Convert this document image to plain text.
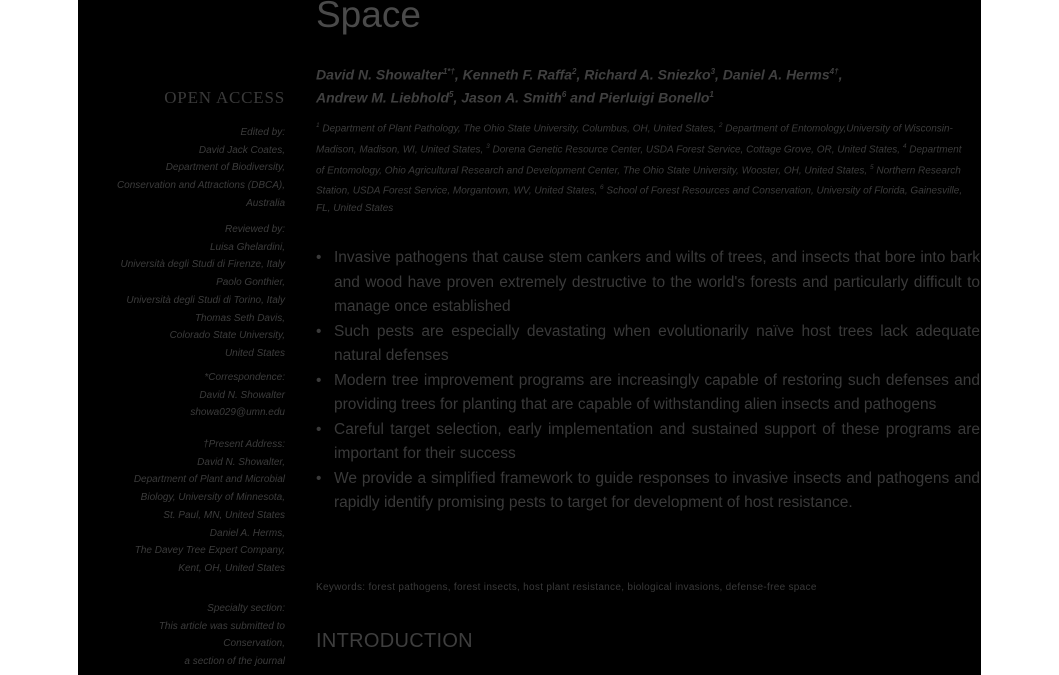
Space
David N. Showalter$^{1*\dagger}$, Kenneth F. Raffa$^2$, Richard A. Sniezko$^3$, Daniel A. Herms$^{4\dagger}$,
Andrew M. Liebhold$^5$, Jason A. Smith$^6$ and Pierluigi Bonello$^1$
$^1$ Department of Plant Pathology, The Ohio State University, Columbus, OH, United States, $^2$ Department of Entomology,University of Wisconsin-Madison, Madison, WI, United States, $^3$ Dorena Genetic Resource Center, USDA Forest Service, Cottage Grove, OR, United States, $^4$ Department of Entomology, Ohio Agricultural Research and Development Center, The Ohio State University, Wooster, OH, United States, $^5$ Northern Research Station, USDA Forest Service, Morgantown, WV, United States, $^6$ School of Forest Resources and Conservation, University of Florida, Gainesville, FL, United States
• Invasive pathogens that cause stem cankers and wilts of trees, and insects that bore into bark and wood have proven extremely destructive to the world's forests and particularly difficult to manage once established
• Such pests are especially devastating when evolutionarily naïve host trees lack adequate natural defenses
• Modern tree improvement programs are increasingly capable of restoring such defenses and providing trees for planting that are capable of withstanding alien insects and pathogens
• Careful target selection, early implementation and sustained support of these programs are important for their success
• We provide a simplified framework to guide responses to invasive insects and pathogens and rapidly identify promising pests to target for development of host resistance.
Keywords: forest pathogens, forest insects, host plant resistance, biological invasions, defense-free space
INTRODUCTION
OPEN ACCESS
Edited by:
David Jack Coates,
Department of Biodiversity,
Conservation and Attractions (DBCA),
Australia
Reviewed by:
Luisa Ghelardini,
Università degli Studi di Firenze, Italy
Paolo Gonthier,
Università degli Studi di Torino, Italy
Thomas Seth Davis,
Colorado State University,
United States
*Correspondence:
David N. Showalter
showa029@umn.edu
†Present Address:
David N. Showalter,
Department of Plant and Microbial
Biology, University of Minnesota,
St. Paul, MN, United States
Daniel A. Herms,
The Davey Tree Expert Company,
Kent, OH, United States
Specialty section:
This article was submitted to
Conservation,
a section of the journal
